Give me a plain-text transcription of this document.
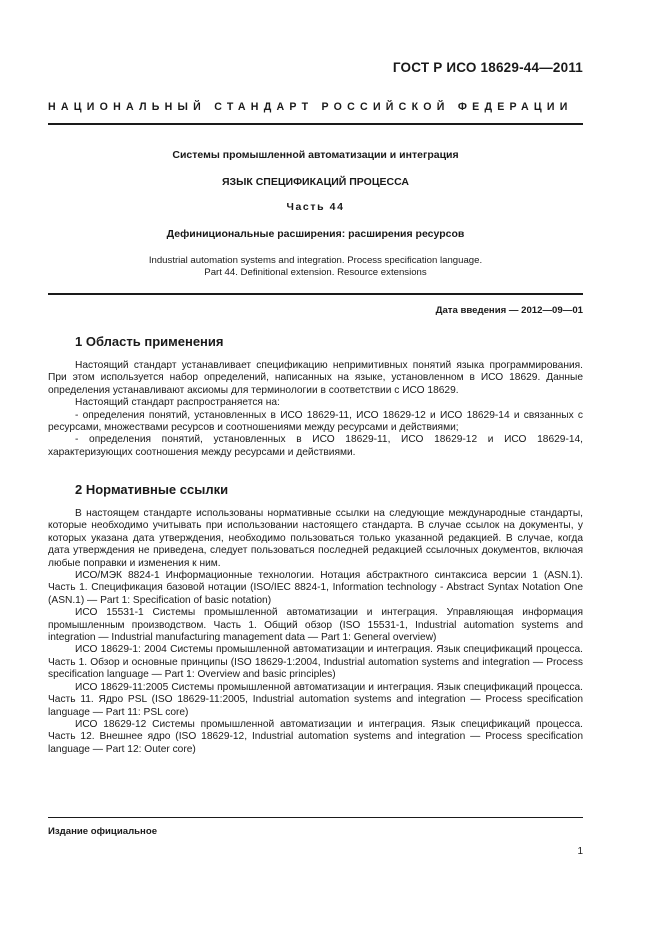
ГОСТ Р ИСО 18629-44—2011
НАЦИОНАЛЬНЫЙ СТАНДАРТ РОССИЙСКОЙ ФЕДЕРАЦИИ
Системы промышленной автоматизации и интеграция
ЯЗЫК СПЕЦИФИКАЦИЙ ПРОЦЕССА
Часть 44
Дефинициональные расширения: расширения ресурсов
Industrial automation systems and integration. Process specification language.
Part 44. Definitional extension. Resource extensions
Дата введения — 2012—09—01
1 Область применения

Настоящий стандарт устанавливает спецификацию непримитивных понятий языка программирования. При этом используется набор определений, написанных на языке, установленном в ИСО 18629. Данные определения устанавливают аксиомы для терминологии в соответствии с ИСО 18629.

Настоящий стандарт распространяется на:

- определения понятий, установленных в ИСО 18629-11, ИСО 18629-12 и ИСО 18629-14 и связанных с ресурсами, множествами ресурсов и соотношениями между ресурсами и действиями;

- определения понятий, установленных в ИСО 18629-11, ИСО 18629-12 и ИСО 18629-14, характеризующих соотношения между ресурсами и действиями.

2 Нормативные ссылки

В настоящем стандарте использованы нормативные ссылки на следующие международные стандарты, которые необходимо учитывать при использовании настоящего стандарта. В случае ссылок на документы, у которых указана дата утверждения, необходимо пользоваться только указанной редакцией. В случае, когда дата утверждения не приведена, следует пользоваться последней редакцией ссылочных документов, включая любые поправки и изменения к ним.

ИСО/МЭК 8824-1 Информационные технологии. Нотация абстрактного синтаксиса версии 1 (ASN.1). Часть 1. Спецификация базовой нотации (ISO/IEC 8824-1, Information technology - Abstract Syntax Notation One (ASN.1) — Part 1: Specification of basic notation)

ИСО 15531-1 Системы промышленной автоматизации и интеграция. Управляющая информация промышленным производством. Часть 1. Общий обзор (ISO 15531-1, Industrial automation systems and integration — Industrial manufacturing management data — Part 1: General overview)

ИСО 18629-1: 2004 Системы промышленной автоматизации и интеграция. Язык спецификаций процесса. Часть 1. Обзор и основные принципы (ISO 18629-1:2004, Industrial automation systems and integration — Process specification language — Part 1: Overview and basic principles)

ИСО 18629-11:2005 Системы промышленной автоматизации и интеграция. Язык спецификаций процесса. Часть 11. Ядро PSL (ISO 18629-11:2005, Industrial automation systems and integration — Process specification language — Part 11: PSL core)

ИСО 18629-12 Системы промышленной автоматизации и интеграция. Язык спецификаций процесса. Часть 12. Внешнее ядро (ISO 18629-12, Industrial automation systems and integration — Process specification language — Part 12: Outer core)

Издание официальное
1
